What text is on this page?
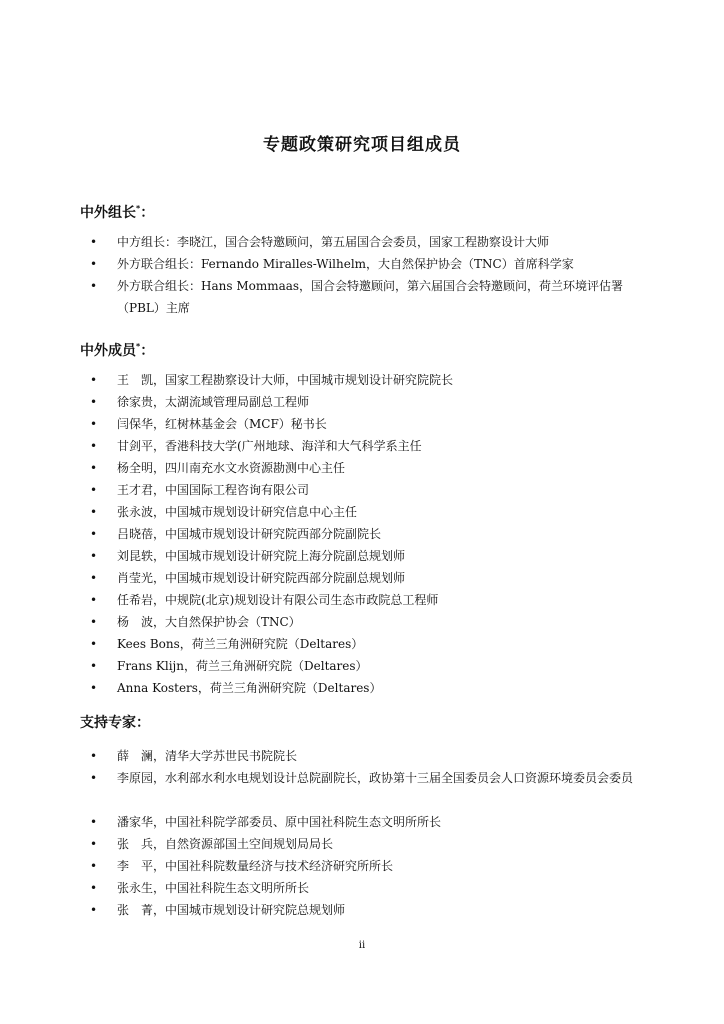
专题政策研究项目组成员
中外组长*：
• 中方组长：李晓江，国合会特邀顾问，第五届国合会委员，国家工程勘察设计大师
• 外方联合组长：Fernando Miralles-Wilhelm，大自然保护协会（TNC）首席科学家
• 外方联合组长：Hans Mommaas，国合会特邀顾问，第六届国合会特邀顾问，荷兰环境评估署（PBL）主席
中外成员*：
• 王　凯，国家工程勘察设计大师，中国城市规划设计研究院院长
• 徐家贵，太湖流域管理局副总工程师
• 闫保华，红树林基金会（MCF）秘书长
• 甘剑平，香港科技大学(广州地球、海洋和大气科学系主任
• 杨全明，四川南充水文水资源勘测中心主任
• 王才君，中国国际工程咨询有限公司
• 张永波，中国城市规划设计研究信息中心主任
• 吕晓蓓，中国城市规划设计研究院西部分院副院长
• 刘昆轶，中国城市规划设计研究院上海分院副总规划师
• 肖莹光，中国城市规划设计研究院西部分院副总规划师
• 任希岩，中规院(北京)规划设计有限公司生态市政院总工程师
• 杨　波，大自然保护协会（TNC）
• Kees Bons，荷兰三角洲研究院（Deltares）
• Frans Klijn，荷兰三角洲研究院（Deltares）
• Anna Kosters，荷兰三角洲研究院（Deltares）
支持专家：
• 薛　澜，清华大学苏世民书院院长
• 李原园，水利部水利水电规划设计总院副院长，政协第十三届全国委员会人口资源环境委员会委员
• 潘家华，中国社科院学部委员、原中国社科院生态文明所所长
• 张　兵，自然资源部国土空间规划局局长
• 李　平，中国社科院数量经济与技术经济研究所所长
• 张永生，中国社科院生态文明所所长
• 张　菁，中国城市规划设计研究院总规划师
ii
